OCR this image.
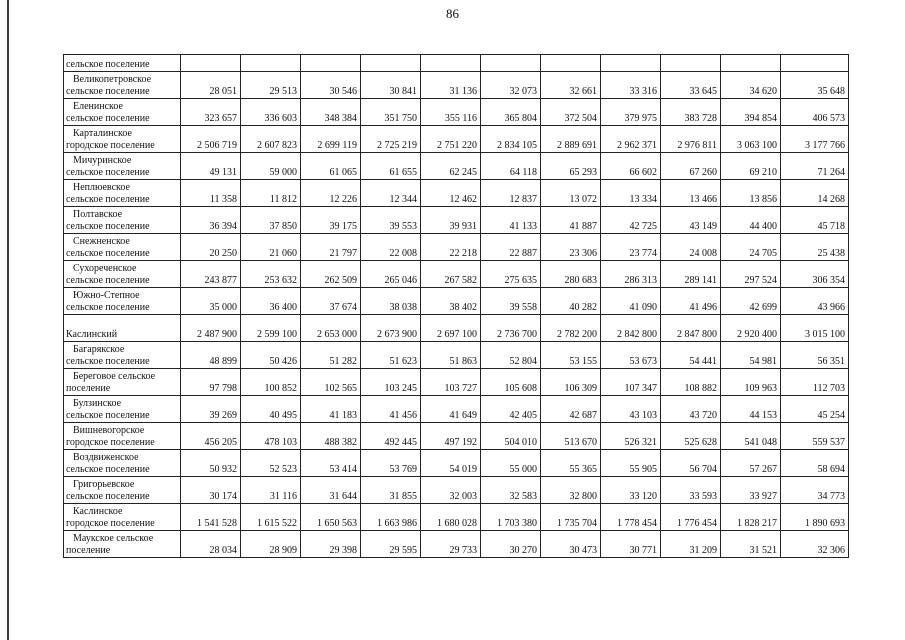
86
сельское поселение											

Великопетровское
сельское поселение	28 051	29 513	30 546	30 841	31 136	32 073	32 661	33 316	33 645	34 620	35 648

Еленинское
сельское поселение	323 657	336 603	348 384	351 750	355 116	365 804	372 504	379 975	383 728	394 854	406 573

Карталинское
городское поселение	2 506 719	2 607 823	2 699 119	2 725 219	2 751 220	2 834 105	2 889 691	2 962 371	2 976 811	3 063 100	3 177 766

Мичуринское
сельское поселение	49 131	59 000	61 065	61 655	62 245	64 118	65 293	66 602	67 260	69 210	71 264

Неплюевское
сельское поселение	11 358	11 812	12 226	12 344	12 462	12 837	13 072	13 334	13 466	13 856	14 268

Полтавское
сельское поселение	36 394	37 850	39 175	39 553	39 931	41 133	41 887	42 725	43 149	44 400	45 718

Снежненское
сельское поселение	20 250	21 060	21 797	22 008	22 218	22 887	23 306	23 774	24 008	24 705	25 438

Сухореченское
сельское поселение	243 877	253 632	262 509	265 046	267 582	275 635	280 683	286 313	289 141	297 524	306 354

Южно-Степное
сельское поселение	35 000	36 400	37 674	38 038	38 402	39 558	40 282	41 090	41 496	42 699	43 966

Каслинский	2 487 900	2 599 100	2 653 000	2 673 900	2 697 100	2 736 700	2 782 200	2 842 800	2 847 800	2 920 400	3 015 100

Багарякское
сельское поселение	48 899	50 426	51 282	51 623	51 863	52 804	53 155	53 673	54 441	54 981	56 351

Береговое сельское
поселение	97 798	100 852	102 565	103 245	103 727	105 608	106 309	107 347	108 882	109 963	112 703

Булзинское
сельское поселение	39 269	40 495	41 183	41 456	41 649	42 405	42 687	43 103	43 720	44 153	45 254

Вишневогорское
городское поселение	456 205	478 103	488 382	492 445	497 192	504 010	513 670	526 321	525 628	541 048	559 537

Воздвиженское
сельское поселение	50 932	52 523	53 414	53 769	54 019	55 000	55 365	55 905	56 704	57 267	58 694

Григорьевское
сельское поселение	30 174	31 116	31 644	31 855	32 003	32 583	32 800	33 120	33 593	33 927	34 773

Каслинское
городское поселение	1 541 528	1 615 522	1 650 563	1 663 986	1 680 028	1 703 380	1 735 704	1 778 454	1 776 454	1 828 217	1 890 693

Маукское сельское
поселение	28 034	28 909	29 398	29 595	29 733	30 270	30 473	30 771	31 209	31 521	32 306
